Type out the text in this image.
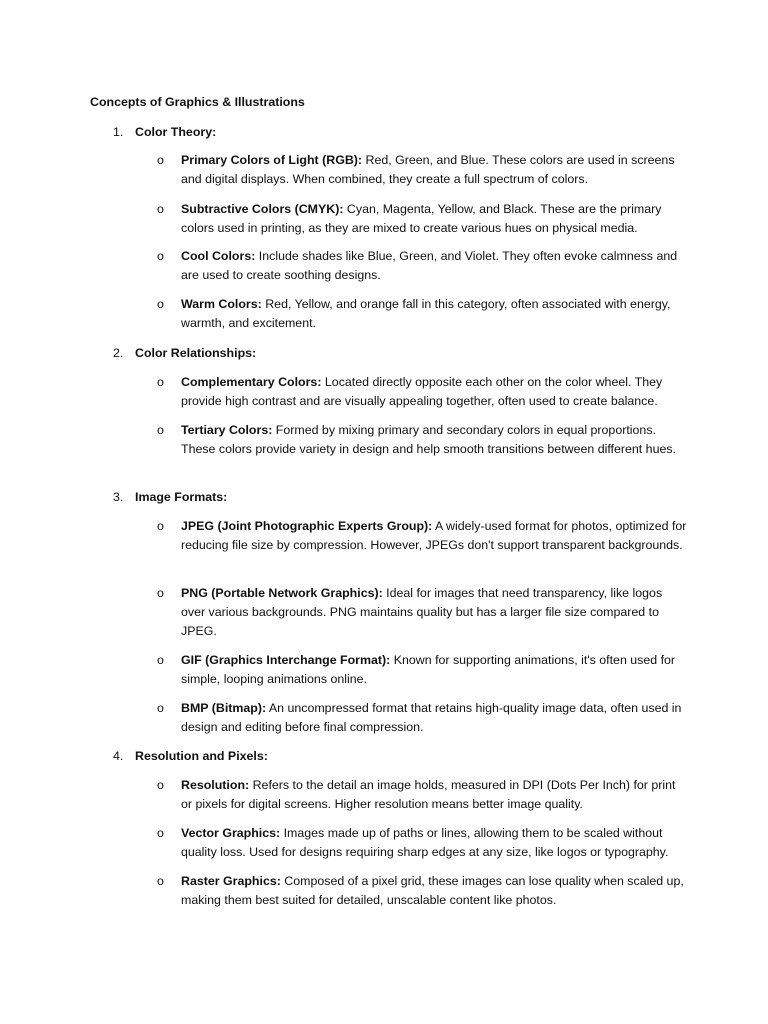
Concepts of Graphics & Illustrations
1. Color Theory:
o	Primary Colors of Light (RGB): Red, Green, and Blue. These colors are used in screens and digital displays. When combined, they create a full spectrum of colors.
o	Subtractive Colors (CMYK): Cyan, Magenta, Yellow, and Black. These are the primary colors used in printing, as they are mixed to create various hues on physical media.
o	Cool Colors: Include shades like Blue, Green, and Violet. They often evoke calmness and are used to create soothing designs.
o	Warm Colors: Red, Yellow, and orange fall in this category, often associated with energy, warmth, and excitement.
2. Color Relationships:
o	Complementary Colors: Located directly opposite each other on the color wheel. They provide high contrast and are visually appealing together, often used to create balance.
o	Tertiary Colors: Formed by mixing primary and secondary colors in equal proportions. These colors provide variety in design and help smooth transitions between different hues.
3. Image Formats:
o	JPEG (Joint Photographic Experts Group): A widely-used format for photos, optimized for reducing file size by compression. However, JPEGs don't support transparent backgrounds.
o	PNG (Portable Network Graphics): Ideal for images that need transparency, like logos over various backgrounds. PNG maintains quality but has a larger file size compared to JPEG.
o	GIF (Graphics Interchange Format): Known for supporting animations, it's often used for simple, looping animations online.
o	BMP (Bitmap): An uncompressed format that retains high-quality image data, often used in design and editing before final compression.
4. Resolution and Pixels:
o	Resolution: Refers to the detail an image holds, measured in DPI (Dots Per Inch) for print or pixels for digital screens. Higher resolution means better image quality.
o	Vector Graphics: Images made up of paths or lines, allowing them to be scaled without quality loss. Used for designs requiring sharp edges at any size, like logos or typography.
o	Raster Graphics: Composed of a pixel grid, these images can lose quality when scaled up, making them best suited for detailed, unscalable content like photos.
